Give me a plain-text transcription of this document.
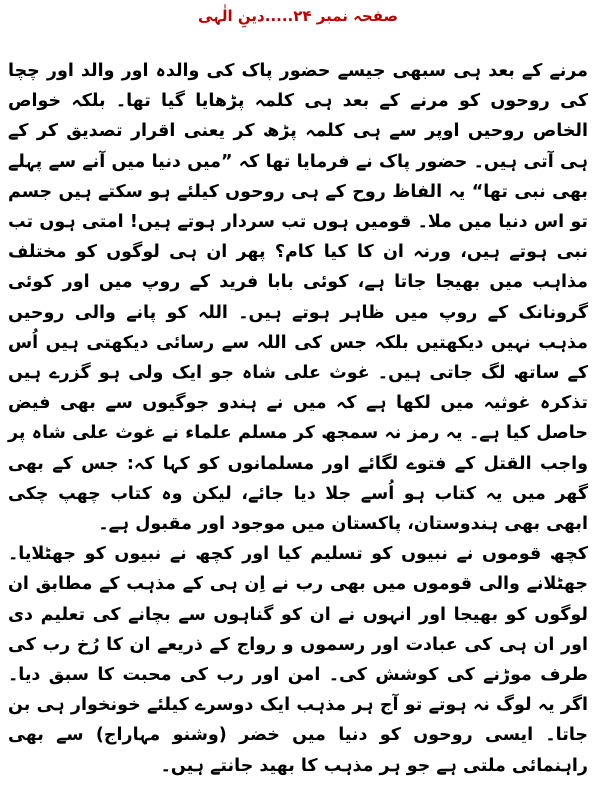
صفحہ نمبر ۲۴.....دینِ الٰہی

مرنے کے بعد ہی سبھی جیسے حضور پاک کی والدہ اور والد اور چچا کی روحوں کو مرنے کے بعد ہی کلمہ پڑھایا گیا تھا۔ بلکہ خواص الخاص روحیں اوپر سے ہی کلمہ پڑھ کر یعنی اقرار تصدیق کر کے ہی آتی ہیں۔ حضور پاک نے فرمایا تھا کہ ”میں دنیا میں آنے سے پہلے بھی نبی تھا“ یہ الفاظ روح کے ہی روحوں کیلئے ہو سکتے ہیں جسم تو اس دنیا میں ملا۔ قومیں ہوں تب سردار ہوتے ہیں! امتی ہوں تب نبی ہوتے ہیں، ورنہ ان کا کیا کام؟ پھر ان ہی لوگوں کو مختلف مذاہب میں بھیجا جاتا ہے، کوئی بابا فرید کے روپ میں اور کوئی گرونانک کے روپ میں ظاہر ہوتے ہیں۔ اللہ کو پانے والی روحیں مذہب نہیں دیکھتیں بلکہ جس کی اللہ سے رسائی دیکھتی ہیں اُس کے ساتھ لگ جاتی ہیں۔ غوث علی شاہ جو ایک ولی ہو گزرے ہیں تذکرہ غوثیہ میں لکھا ہے کہ میں نے ہندو جوگیوں سے بھی فیض حاصل کیا ہے۔ یہ رمز نہ سمجھ کر مسلم علماء نے غوث علی شاہ پر واجب القتل کے فتوے لگائے اور مسلمانوں کو کہا کہ: جس کے بھی گھر میں یہ کتاب ہو اُسے جلا دیا جائے، لیکن وہ کتاب چھپ چکی ابھی بھی ہندوستان، پاکستان میں موجود اور مقبول ہے۔

کچھ قوموں نے نبیوں کو تسلیم کیا اور کچھ نے نبیوں کو جھٹلایا۔ جھٹلانے والی قوموں میں بھی رب نے اِن ہی کے مذہب کے مطابق ان لوگوں کو بھیجا اور انہوں نے ان کو گناہوں سے بچانے کی تعلیم دی اور ان ہی کی عبادت اور رسموں و رواج کے ذریعے ان کا رُخ رب کی طرف موڑنے کی کوشش کی۔ امن اور رب کی محبت کا سبق دیا۔ اگر یہ لوگ نہ ہوتے تو آج ہر مذہب ایک دوسرے کیلئے خونخوار ہی بن جاتا۔ ایسی روحوں کو دنیا میں خضر (وشنو مہاراج) سے بھی راہنمائی ملتی ہے جو ہر مذہب کا بھید جانتے ہیں۔
